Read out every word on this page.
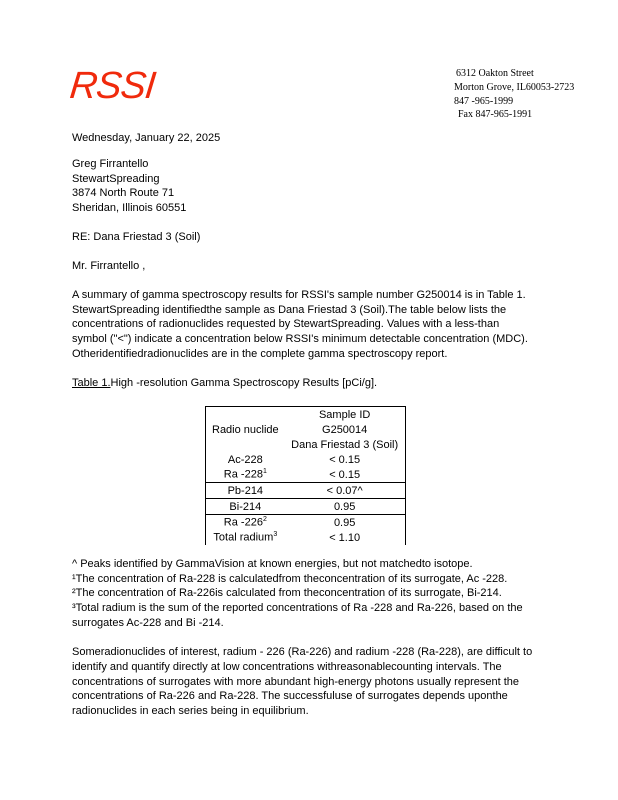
RSSI	6312 Oakton Street
Morton Grove, IL60053-2723
847 -965-1999
Fax 847-965-1991
Wednesday, January 22, 2025
Greg Firrantello
StewartSpreading
3874 North Route 71
Sheridan, Illinois 60551
RE: Dana Friestad 3 (Soil)
Mr. Firrantello ,
A summary of gamma spectroscopy results for RSSI's sample number G250014 is in Table 1.
StewartSpreading identifiedthe sample as Dana Friestad 3 (Soil).The table below lists the
concentrations of radionuclides requested by StewartSpreading. Values with a less-than
symbol ("<") indicate a concentration below RSSI's minimum detectable concentration (MDC).
Otheridentifiedradionuclides are in the complete gamma spectroscopy report.
Table 1.High -resolution Gamma Spectroscopy Results [pCi/g].
	Sample ID
Radio nuclide	G250014
	Dana Friestad 3 (Soil)
Ac-228	< 0.15
Ra $-228^1$	< 0.15
Pb-214	< 0.07^
Bi-214	0.95
Ra $-226^2$	0.95
Total radium$^3$	< 1.10
^ Peaks identified by GammaVision at known energies, but not matchedto isotope.
¹The concentration of Ra-228 is calculatedfrom theconcentration of its surrogate, Ac -228.
²The concentration of Ra-226is calculated from theconcentration of its surrogate, Bi-214.
³Total radium is the sum of the reported concentrations of Ra -228 and Ra-226, based on the
surrogates Ac-228 and Bi -214.
Someradionuclides of interest, radium - 226 (Ra-226) and radium -228 (Ra-228), are difficult to
identify and quantify directly at low concentrations withreasonablecounting intervals. The
concentrations of surrogates with more abundant high-energy photons usually represent the
concentrations of Ra-226 and Ra-228. The successfuluse of surrogates depends uponthe
radionuclides in each series being in equilibrium.
